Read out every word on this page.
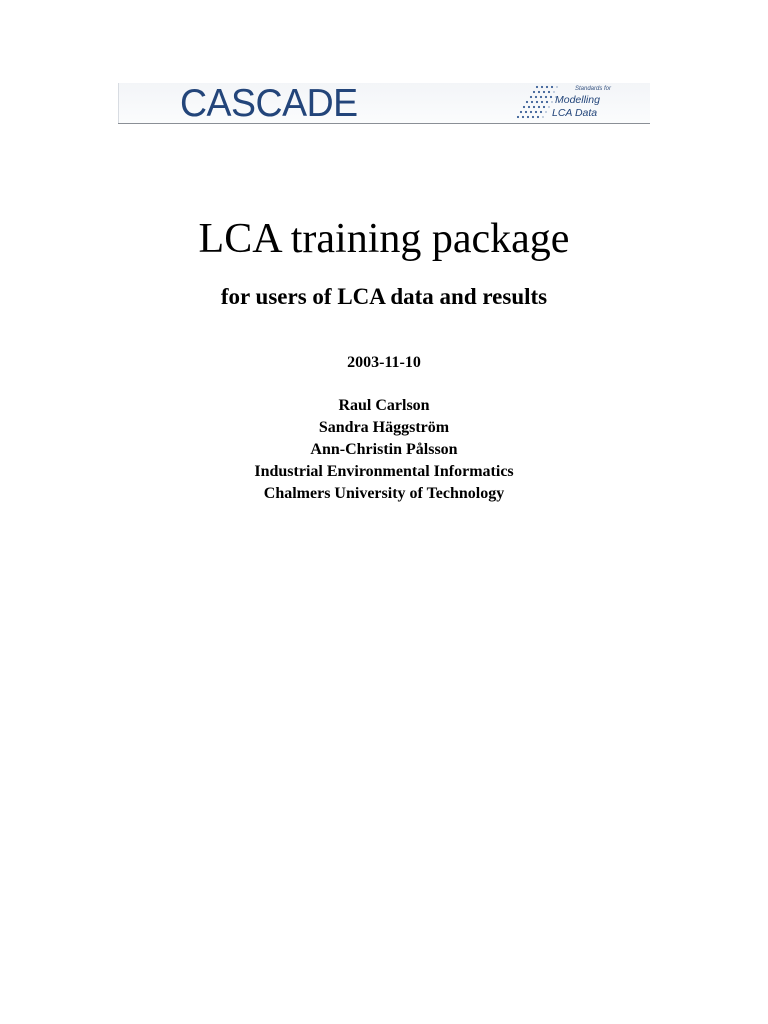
CASCADE	Standards for
Modelling
LCA Data
LCA training package
for users of LCA data and results
2003-11-10
Raul Carlson
Sandra Häggström
Ann-Christin Pålsson
Industrial Environmental Informatics
Chalmers University of Technology
